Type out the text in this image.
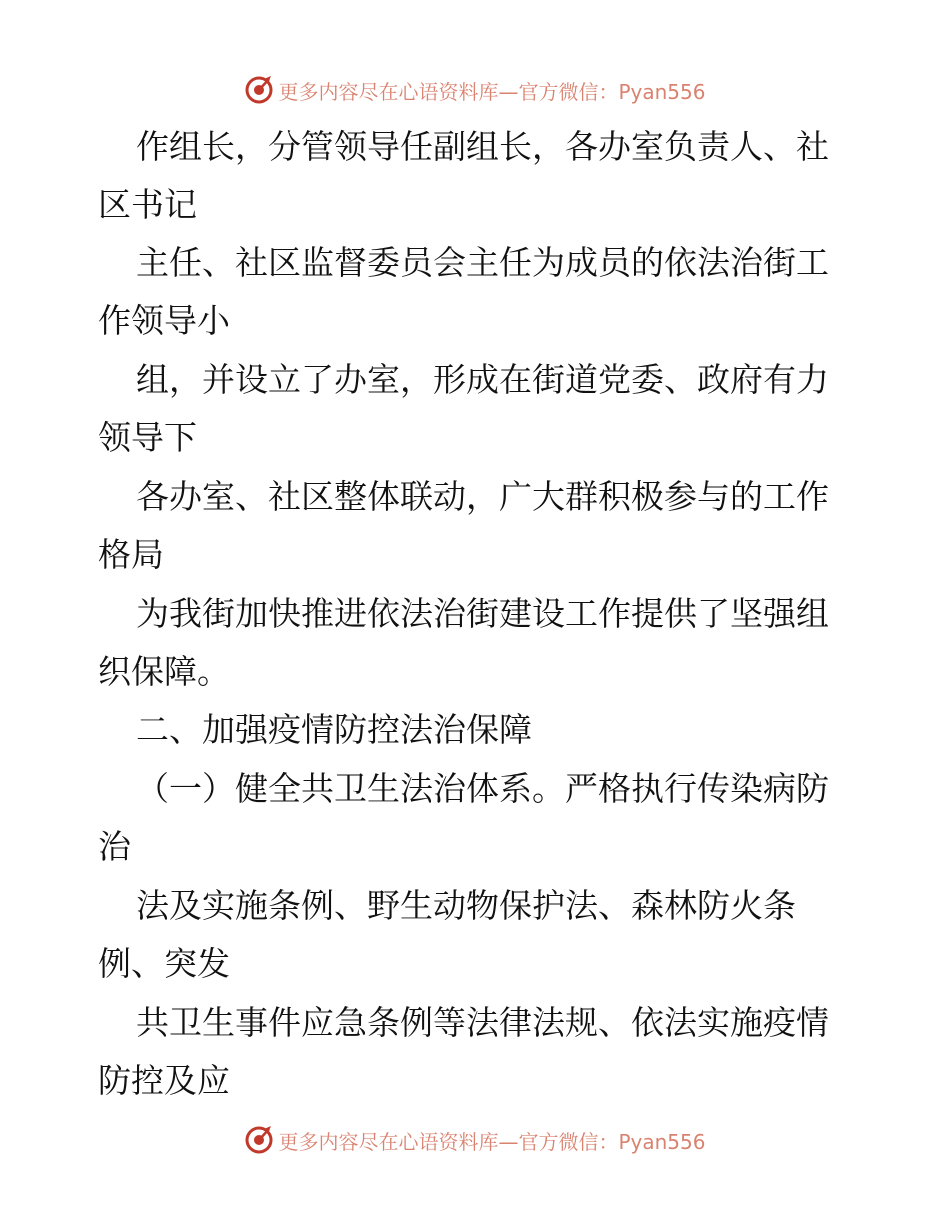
更多内容尽在心语资料库—官方微信：Pyan556
作组长，分管领导任副组长，各办室负责人、社
区书记
主任、社区监督委员会主任为成员的依法治街工
作领导小
组，并设立了办室，形成在街道党委、政府有力
领导下
各办室、社区整体联动，广大群积极参与的工作
格局
为我街加快推进依法治街建设工作提供了坚强组
织保障。
二、加强疫情防控法治保障
（一）健全共卫生法治体系。严格执行传染病防
治
法及实施条例、野生动物保护法、森林防火条
例、突发
共卫生事件应急条例等法律法规、依法实施疫情
防控及应
更多内容尽在心语资料库—官方微信：Pyan556
